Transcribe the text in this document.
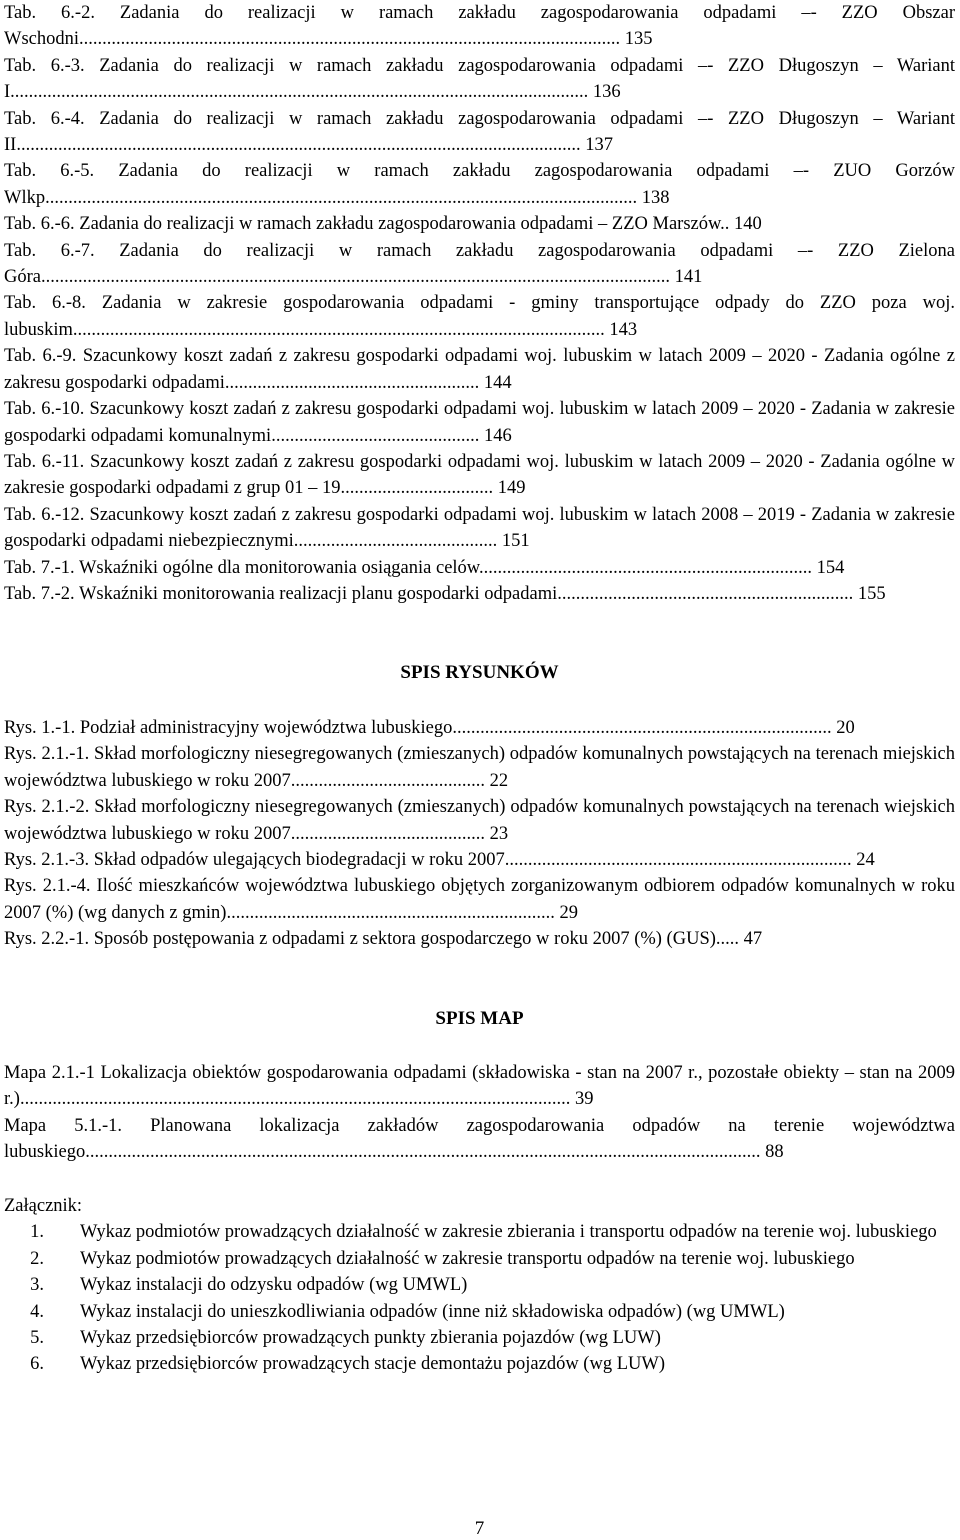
Tab. 6.-2. Zadania do realizacji w ramach zakładu zagospodarowania odpadami –- ZZO Obszar Wschodni..................................................................................................................... 135
Tab. 6.-3. Zadania do realizacji w ramach zakładu zagospodarowania odpadami –- ZZO Długoszyn – Wariant I............................................................................................................................. 136
Tab. 6.-4. Zadania do realizacji w ramach zakładu zagospodarowania odpadami –- ZZO Długoszyn – Wariant II.......................................................................................................................... 137
Tab. 6.-5. Zadania do realizacji w ramach zakładu zagospodarowania odpadami –- ZUO Gorzów Wlkp................................................................................................................................ 138
Tab. 6.-6. Zadania do realizacji w ramach zakładu zagospodarowania odpadami – ZZO Marszów.. 140
Tab. 6.-7. Zadania do realizacji w ramach zakładu zagospodarowania odpadami –- ZZO Zielona Góra........................................................................................................................................ 141
Tab. 6.-8. Zadania w zakresie gospodarowania odpadami - gminy transportujące odpady do ZZO poza woj. lubuskim................................................................................................................... 143
Tab. 6.-9. Szacunkowy koszt zadań z zakresu gospodarki odpadami woj. lubuskim w latach 2009 – 2020 - Zadania ogólne z zakresu gospodarki odpadami....................................................... 144
Tab. 6.-10. Szacunkowy koszt zadań z zakresu gospodarki odpadami woj. lubuskim w latach 2009 – 2020 - Zadania w zakresie gospodarki odpadami komunalnymi............................................. 146
Tab. 6.-11. Szacunkowy koszt zadań z zakresu gospodarki odpadami woj. lubuskim w latach 2009 – 2020 - Zadania ogólne w zakresie gospodarki odpadami z grup 01 – 19................................. 149
Tab. 6.-12. Szacunkowy koszt zadań z zakresu gospodarki odpadami woj. lubuskim w latach 2008 – 2019 - Zadania w zakresie gospodarki odpadami niebezpiecznymi............................................ 151
Tab. 7.-1. Wskaźniki ogólne dla monitorowania osiągania celów........................................................................ 154
Tab. 7.-2. Wskaźniki monitorowania realizacji planu gospodarki odpadami................................................................ 155
SPIS RYSUNKÓW
Rys. 1.-1. Podział administracyjny województwa lubuskiego.................................................................................. 20
Rys. 2.1.-1. Skład morfologiczny niesegregowanych (zmieszanych) odpadów komunalnych powstających na terenach miejskich województwa lubuskiego w roku 2007.......................................... 22
Rys. 2.1.-2. Skład morfologiczny niesegregowanych (zmieszanych) odpadów komunalnych powstających na terenach wiejskich województwa lubuskiego w roku 2007.......................................... 23
Rys. 2.1.-3. Skład odpadów ulegających biodegradacji w roku 2007........................................................................... 24
Rys. 2.1.-4. Ilość mieszkańców województwa lubuskiego objętych zorganizowanym odbiorem odpadów komunalnych w roku 2007 (%) (wg danych z gmin)....................................................................... 29
Rys. 2.2.-1. Sposób postępowania z odpadami z sektora gospodarczego w roku 2007 (%) (GUS)..... 47
SPIS MAP
Mapa 2.1.-1 Lokalizacja obiektów gospodarowania odpadami (składowiska - stan na 2007 r., pozostałe obiekty – stan na 2009 r.)....................................................................................................................... 39
Mapa 5.1.-1. Planowana lokalizacja zakładów zagospodarowania odpadów na terenie województwa lubuskiego.................................................................................................................................................. 88
Załącznik:
1.	Wykaz podmiotów prowadzących działalność w zakresie zbierania i transportu odpadów na terenie woj. lubuskiego
2.	Wykaz podmiotów prowadzących działalność w zakresie transportu odpadów na terenie woj. lubuskiego
3.	Wykaz instalacji do odzysku odpadów (wg UMWL)
4.	Wykaz instalacji do unieszkodliwiania odpadów (inne niż składowiska odpadów) (wg UMWL)
5.	Wykaz przedsiębiorców prowadzących punkty zbierania pojazdów (wg LUW)
6.	Wykaz przedsiębiorców prowadzących stacje demontażu pojazdów (wg LUW)
7
